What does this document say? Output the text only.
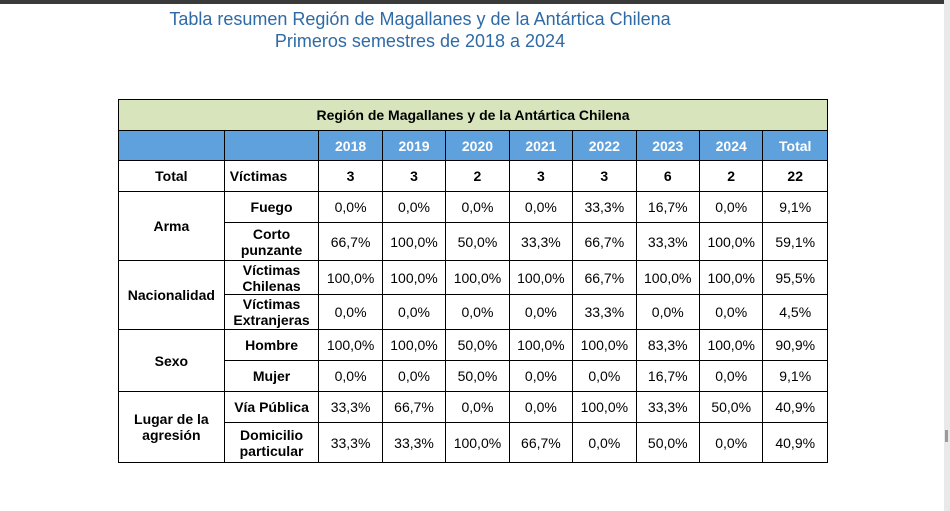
Tabla resumen Región de Magallanes y de la Antártica Chilena
Primeros semestres de 2018 a 2024
Región de Magallanes y de la Antártica Chilena									
		2018	2019	2020	2021	2022	2023	2024	Total
Total	Víctimas	3	3	2	3	3	6	2	22
Arma	Fuego	0,0%	0,0%	0,0%	0,0%	33,3%	16,7%	0,0%	9,1%
	Corto punzante	66,7%	100,0%	50,0%	33,3%	66,7%	33,3%	100,0%	59,1%
Nacionalidad	Víctimas Chilenas	100,0%	100,0%	100,0%	100,0%	66,7%	100,0%	100,0%	95,5%
	Víctimas Extranjeras	0,0%	0,0%	0,0%	0,0%	33,3%	0,0%	0,0%	4,5%
Sexo	Hombre	100,0%	100,0%	50,0%	100,0%	100,0%	83,3%	100,0%	90,9%
	Mujer	0,0%	0,0%	50,0%	0,0%	0,0%	16,7%	0,0%	9,1%
Lugar de la agresión	Vía Pública	33,3%	66,7%	0,0%	0,0%	100,0%	33,3%	50,0%	40,9%
	Domicilio particular	33,3%	33,3%	100,0%	66,7%	0,0%	50,0%	0,0%	40,9%
